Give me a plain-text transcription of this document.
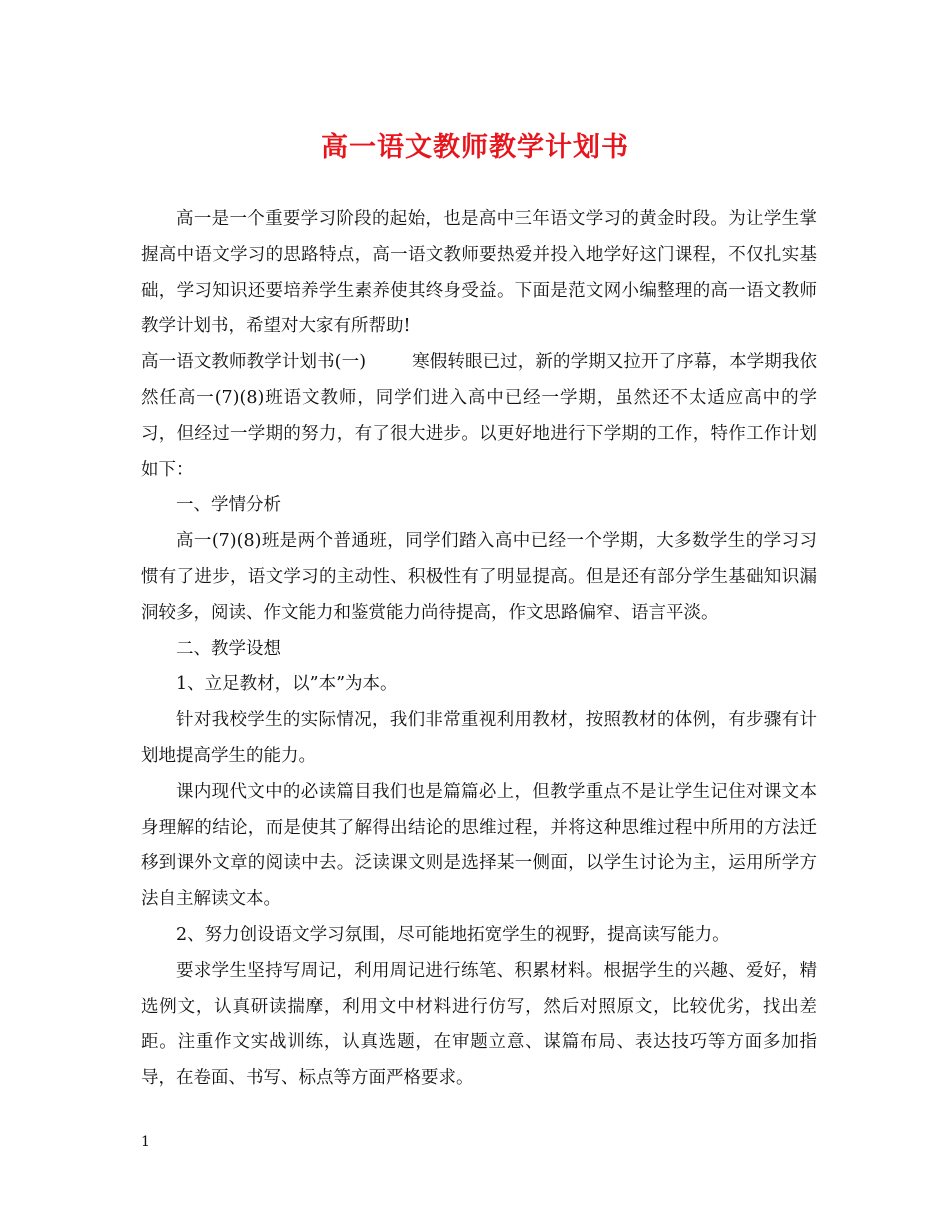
高一语文教师教学计划书

高一是一个重要学习阶段的起始，也是高中三年语文学习的黄金时段。为让学生掌握高中语文学习的思路特点，高一语文教师要热爱并投入地学好这门课程，不仅扎实基础，学习知识还要培养学生素养使其终身受益。下面是范文网小编整理的高一语文教师教学计划书，希望对大家有所帮助!

高一语文教师教学计划书(一)	寒假转眼已过，新的学期又拉开了序幕，本学期我依然任高一(7)(8)班语文教师，同学们进入高中已经一学期，虽然还不太适应高中的学习，但经过一学期的努力，有了很大进步。以更好地进行下学期的工作，特作工作计划如下：

一、学情分析

高一(7)(8)班是两个普通班，同学们踏入高中已经一个学期，大多数学生的学习习惯有了进步，语文学习的主动性、积极性有了明显提高。但是还有部分学生基础知识漏洞较多，阅读、作文能力和鉴赏能力尚待提高，作文思路偏窄、语言平淡。

二、教学设想

1、立足教材，以”本”为本。

针对我校学生的实际情况，我们非常重视利用教材，按照教材的体例，有步骤有计划地提高学生的能力。

课内现代文中的必读篇目我们也是篇篇必上，但教学重点不是让学生记住对课文本身理解的结论，而是使其了解得出结论的思维过程，并将这种思维过程中所用的方法迁移到课外文章的阅读中去。泛读课文则是选择某一侧面，以学生讨论为主，运用所学方法自主解读文本。

2、努力创设语文学习氛围，尽可能地拓宽学生的视野，提高读写能力。

要求学生坚持写周记，利用周记进行练笔、积累材料。根据学生的兴趣、爱好，精选例文，认真研读揣摩，利用文中材料进行仿写，然后对照原文，比较优劣，找出差距。注重作文实战训练，认真选题，在审题立意、谋篇布局、表达技巧等方面多加指导，在卷面、书写、标点等方面严格要求。

1
